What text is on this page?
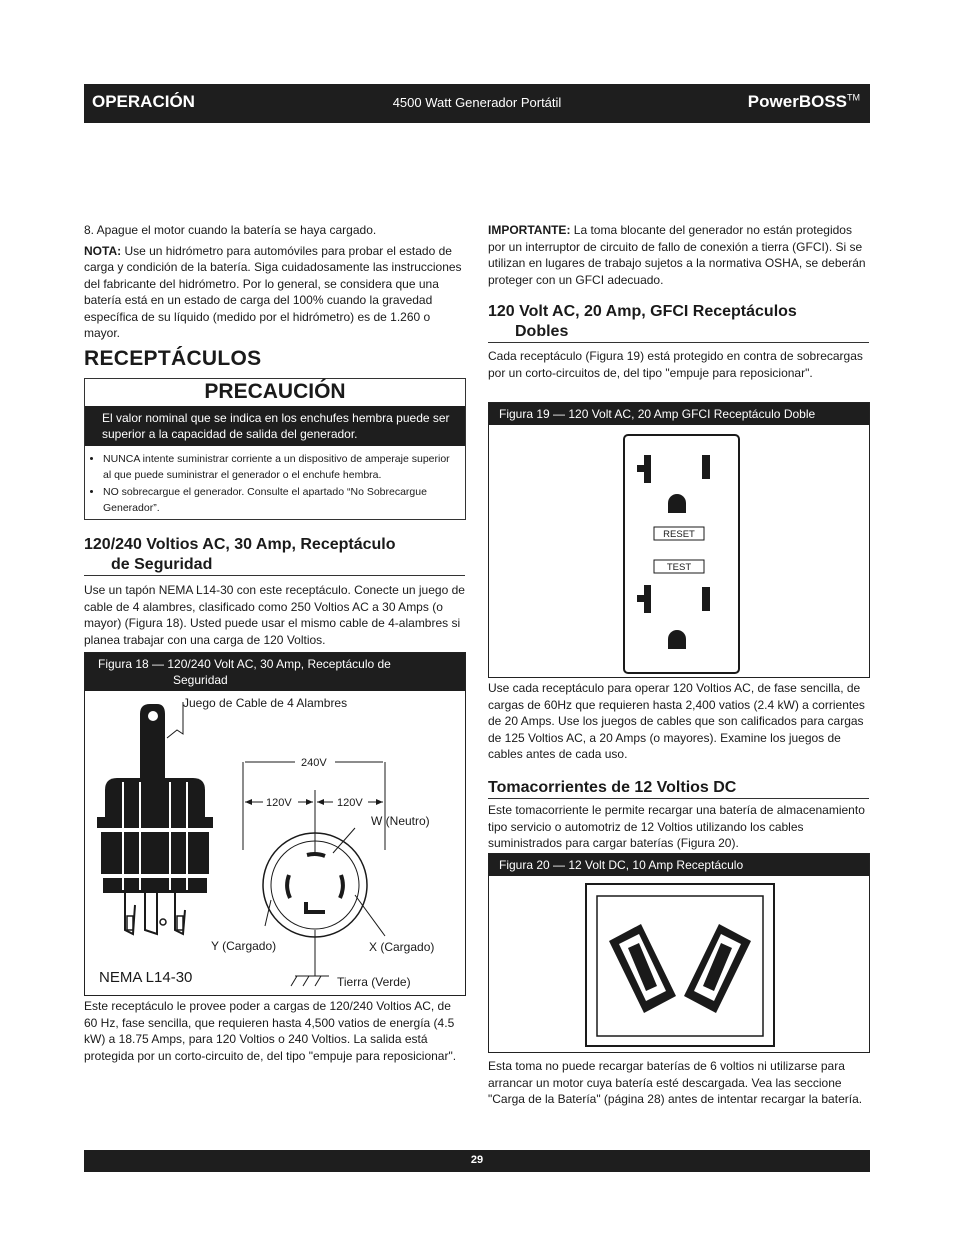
OPERACIÓN	4500 Watt Generador Portátil	PowerBOSS™

8. Apague el motor cuando la batería se haya cargado.

NOTA: Use un hidrómetro para automóviles para probar el estado de carga y condición de la batería. Siga cuidadosamente las instrucciones del fabricante del hidrómetro. Por lo general, se considera que una batería está en un estado de carga del 100% cuando la gravedad específica de su líquido (medido por el hidrómetro) es de 1.260 o mayor.

RECEPTÁCULOS
PRECAUCIÓN
El valor nominal que se indica en los enchufes hembra puede ser superior a la capacidad de salida del generador.
• NUNCA intente suministrar corriente a un dispositivo de amperaje superior al que puede suministrar el generador o el enchufe hembra.
• NO sobrecargue el generador. Consulte el apartado “No Sobrecargue Generador”.
120/240 Voltios AC, 30 Amp, Receptáculo
de Seguridad
Use un tapón NEMA L14-30 con este receptáculo. Conecte un juego de cable de 4 alambres, clasificado como 250 Voltios AC a 30 Amps (o mayor) (Figura 18). Usted puede usar el mismo cable de 4-alambres si planea trabajar con una carga de 120 Voltios.
Figura 18 — 120/240 Volt AC, 30 Amp, Receptáculo de
Seguridad
Juego de Cable de 4 Alambres
240V
120V	120V
W (Neutro)
Y (Cargado)	X (Cargado)
Tierra (Verde)
NEMA L14-30
Este receptáculo le provee poder a cargas de 120/240 Voltios AC, de 60 Hz, fase sencilla, que requieren hasta 4,500 vatios de energía (4.5 kW) a 18.75 Amps, para 120 Voltios o 240 Voltios. La salida está protegida por un corto-circuito de, del tipo "empuje para reposicionar".
IMPORTANTE: La toma blocante del generador no están protegidos por un interruptor de circuito de fallo de conexión a tierra (GFCI). Si se utilizan en lugares de trabajo sujetos a la normativa OSHA, se deberán proteger con un GFCI adecuado.
120 Volt AC, 20 Amp, GFCI Receptáculos
Dobles
Cada receptáculo (Figura 19) está protegido en contra de sobrecargas por un corto-circuitos de, del tipo "empuje para reposicionar".
Figura 19 — 120 Volt AC, 20 Amp GFCI Receptáculo Doble
RESET
TEST
Use cada receptáculo para operar 120 Voltios AC, de fase sencilla, de cargas de 60Hz que requieren hasta 2,400 vatios (2.4 kW) a corrientes de 20 Amps. Use los juegos de cables que son calificados para cargas de 125 Voltios AC, a 20 Amps (o mayores). Examine los juegos de cables antes de cada uso.
Tomacorrientes de 12 Voltios DC
Este tomacorriente le permite recargar una batería de almacenamiento tipo servicio o automotriz de 12 Voltios utilizando los cables suministrados para cargar baterías (Figura 20).
Figura 20 — 12 Volt DC, 10 Amp Receptáculo
Esta toma no puede recargar baterías de 6 voltios ni utilizarse para arrancar un motor cuya batería esté descargada. Vea las seccione "Carga de la Batería" (página 28) antes de intentar recargar la batería.
29
